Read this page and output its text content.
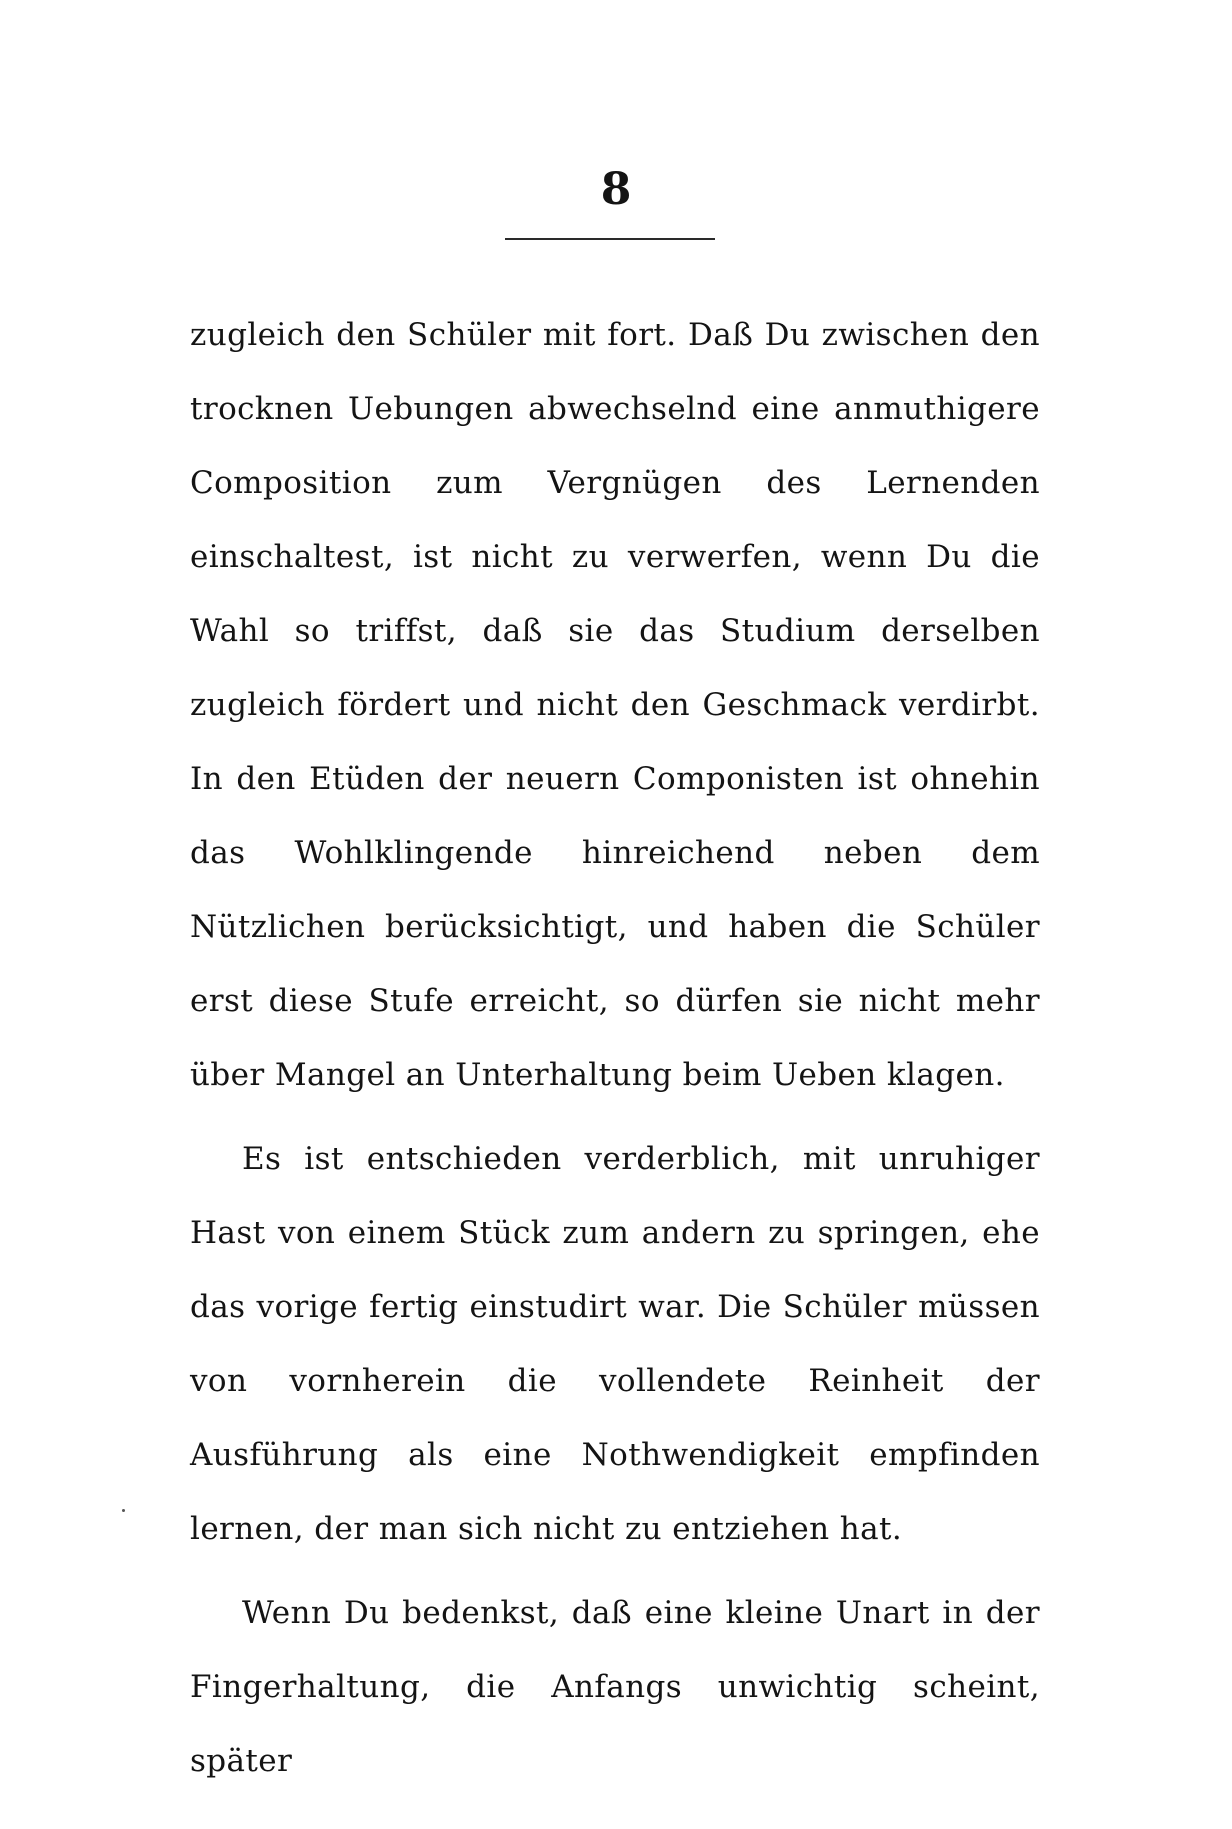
8

zugleich den Schüler mit fort. Daß Du zwischen den trocknen Uebungen abwechselnd eine anmuthigere Composition zum Vergnügen des Lernenden einschaltest, ist nicht zu verwerfen, wenn Du die Wahl so triffst, daß sie das Studium derselben zugleich fördert und nicht den Geschmack verdirbt. In den Etüden der neuern Componisten ist ohnehin das Wohlklingende hinreichend neben dem Nützlichen berücksichtigt, und haben die Schüler erst diese Stufe erreicht, so dürfen sie nicht mehr über Mangel an Unterhaltung beim Ueben klagen.

Es ist entschieden verderblich, mit unruhiger Hast von einem Stück zum andern zu springen, ehe das vorige fertig einstudirt war. Die Schüler müssen von vornherein die vollendete Reinheit der Ausführung als eine Nothwendigkeit empfinden lernen, der man sich nicht zu entziehen hat.

Wenn Du bedenkst, daß eine kleine Unart in der Fingerhaltung, die Anfangs unwichtig scheint, später
